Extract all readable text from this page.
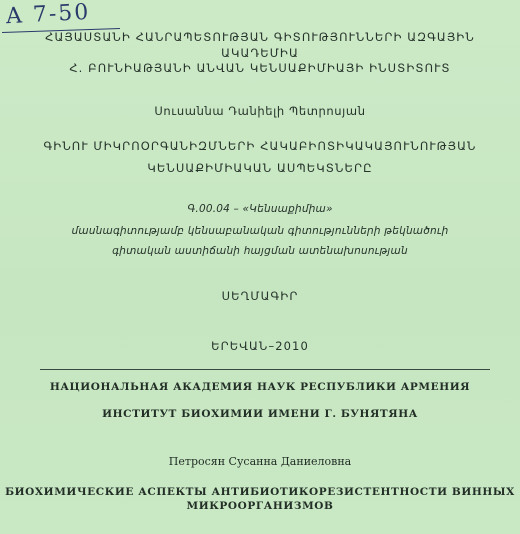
A 7-50
ՀԱՅԱՍՏԱՆԻ ՀԱՆՐԱՊԵՏՈՒԹՅԱՆ ԳԻՏՈՒԹՅՈՒՆՆԵՐԻ ԱԶԳԱՅԻՆ
ԱԿԱԴԵՄԻԱ
Հ. ԲՈՒՆԻԱԹՅԱՆԻ ԱՆՎԱՆ ԿԵՆՍԱՔԻՄԻԱՅԻ ԻՆՍՏԻՏՈՒՏ
Սուսաննա Դանիելի Պետրոսյան
ԳԻՆՈՒ ՄԻԿՐՈՕՐԳԱՆԻԶՄՆԵՐԻ ՀԱԿԱԲԻՈՏԻԿԱԿԱՅՈՒՆՈՒԹՅԱՆ
ԿԵՆՍԱՔԻՄԻԱԿԱՆ ԱՍՊԵԿՏՆԵՐԸ
Գ.00.04 – «Կենսաքիմիա»
մասնագիտությամբ կենսաբանական գիտությունների թեկնածուի
գիտական աստիճանի հայցման ատենախոսության
ՍԵՂՄԱԳԻՐ
ԵՐԵՎԱՆ–2010
НАЦИОНАЛЬНАЯ АКАДЕМИЯ НАУК РЕСПУБЛИКИ АРМЕНИЯ
ИНСТИТУТ БИОХИМИИ ИМЕНИ Г. БУНЯТЯНА
Петросян Сусанна Даниеловна
БИОХИМИЧЕСКИЕ АСПЕКТЫ АНТИБИОТИКОРЕЗИСТЕНТНОСТИ ВИННЫХ
МИКРООРГАНИЗМОВ
